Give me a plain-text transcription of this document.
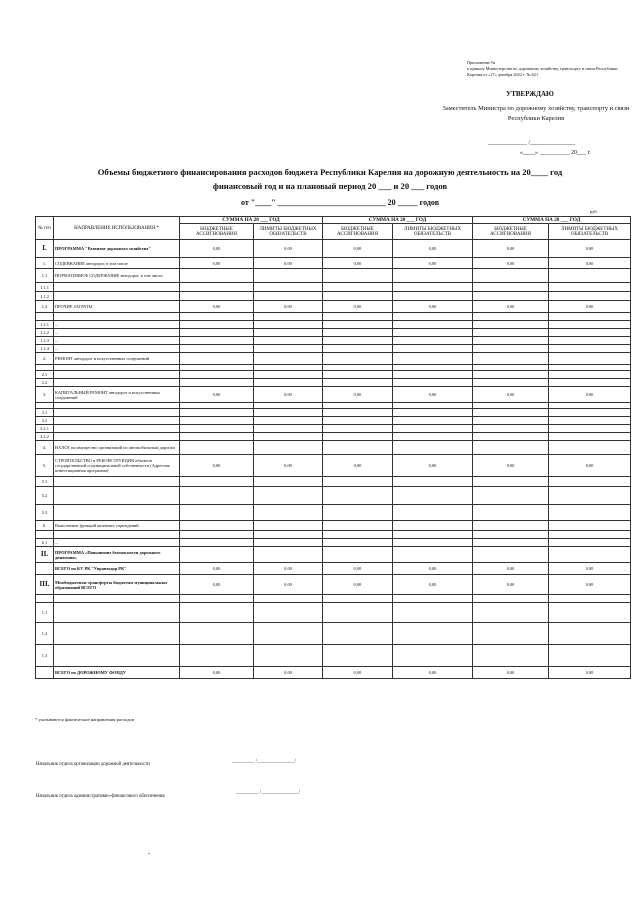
Приложение №
к приказу Министерства по дорожному хозяйству, транспорту и связи Республики Карелия от «27» декабря 2022 г. № 621
УТВЕРЖДАЮ
Заместитель Министра по дорожному хозяйству, транспорту и связи Республики Карелия
_____________ /_______________
«____» __________ 20___ г.
Объемы бюджетного финансирования расходов бюджета Республики Карелия на дорожную деятельность на 20____ год финансовый год и на плановый период 20 ___ и 20 ___ годов
от "____" ___________________________ 20 _____ годов
руб.
№ п/п	НАПРАВЛЕНИЕ ИСПОЛЬЗОВАНИЯ *	СУММА НА 20 ___ ГОД		СУММА НА 20 ___ ГОД		СУММА НА 20 ___ ГОД	
		БЮДЖЕТНЫЕ АССИГНОВАНИЯ	ЛИМИТЫ БЮДЖЕТНЫХ ОБЯЗАТЕЛЬСТВ	БЮДЖЕТНЫЕ АССИГНОВАНИЯ	ЛИМИТЫ БЮДЖЕТНЫХ ОБЯЗАТЕЛЬСТВ	БЮДЖЕТНЫЕ АССИГНОВАНИЯ	ЛИМИТЫ БЮДЖЕТНЫХ ОБЯЗАТЕЛЬСТВ
I.	ПРОГРАММА "Развитие дорожного хозяйства"	0,00	0,00	0,00	0,00	0,00	0,00
1.	СОДЕРЖАНИЕ автодорог, в том числе	0,00	0,00	0,00	0,00	0,00	0,00
1.1	НОРМАТИВНОЕ СОДЕРЖАНИЕ автодорог, в том числе:						
1.1.1							
1.1.2							
1.2	ПРОЧИЕ ЗАТРАТЫ	0,00	0,00	0,00	0,00	0,00	0,00

1.2.1	...						
1.2.2	...						
1.2.3	...						
1.2.4	...						
2.	РЕМОНТ автодорог и искусственных сооружений						

2.1							
2.2							
3.	КАПИТАЛЬНЫЙ РЕМОНТ автодорог и искусственных сооружений	0,00	0,00	0,00	0,00	0,00	0,00

3.1							
3.2							
3.2.1							
3.2.2							
4.	НАЛОГ на имущество организаций по автомобильным дорогам						
5.	СТРОИТЕЛЬСТВО и РЕКОНСТРУКЦИЯ объектов государственной и муниципальной собственности (Адресная инвестиционная программа)	0,00	0,00	0,00	0,00	0,00	0,00
5.1							
5.2							
5.3							
6.	Выполнение функций казенных учреждений						

6.1	...						
II.	ПРОГРАММА «Повышение безопасности дорожного движения»						
	ВСЕГО по КУ РК "Управтодор РК"	0,00	0,00	0,00	0,00	0,00	0,00
III.	Межбюджетные трансферты бюджетам муниципальных образований ВСЕГО	0,00	0,00	0,00	0,00	0,00	0,00

1.1							
1.2							
1.3							
	ВСЕГО по ДОРОЖНОМУ ФОНДУ	0,00	0,00	0,00	0,00	0,00	0,00
* указываются фактические направления расходов
Начальник отдела организации дорожной деятельности
_________ /_______________/
Начальник отдела административно-финансового обеспечения
_________ /_______________/
